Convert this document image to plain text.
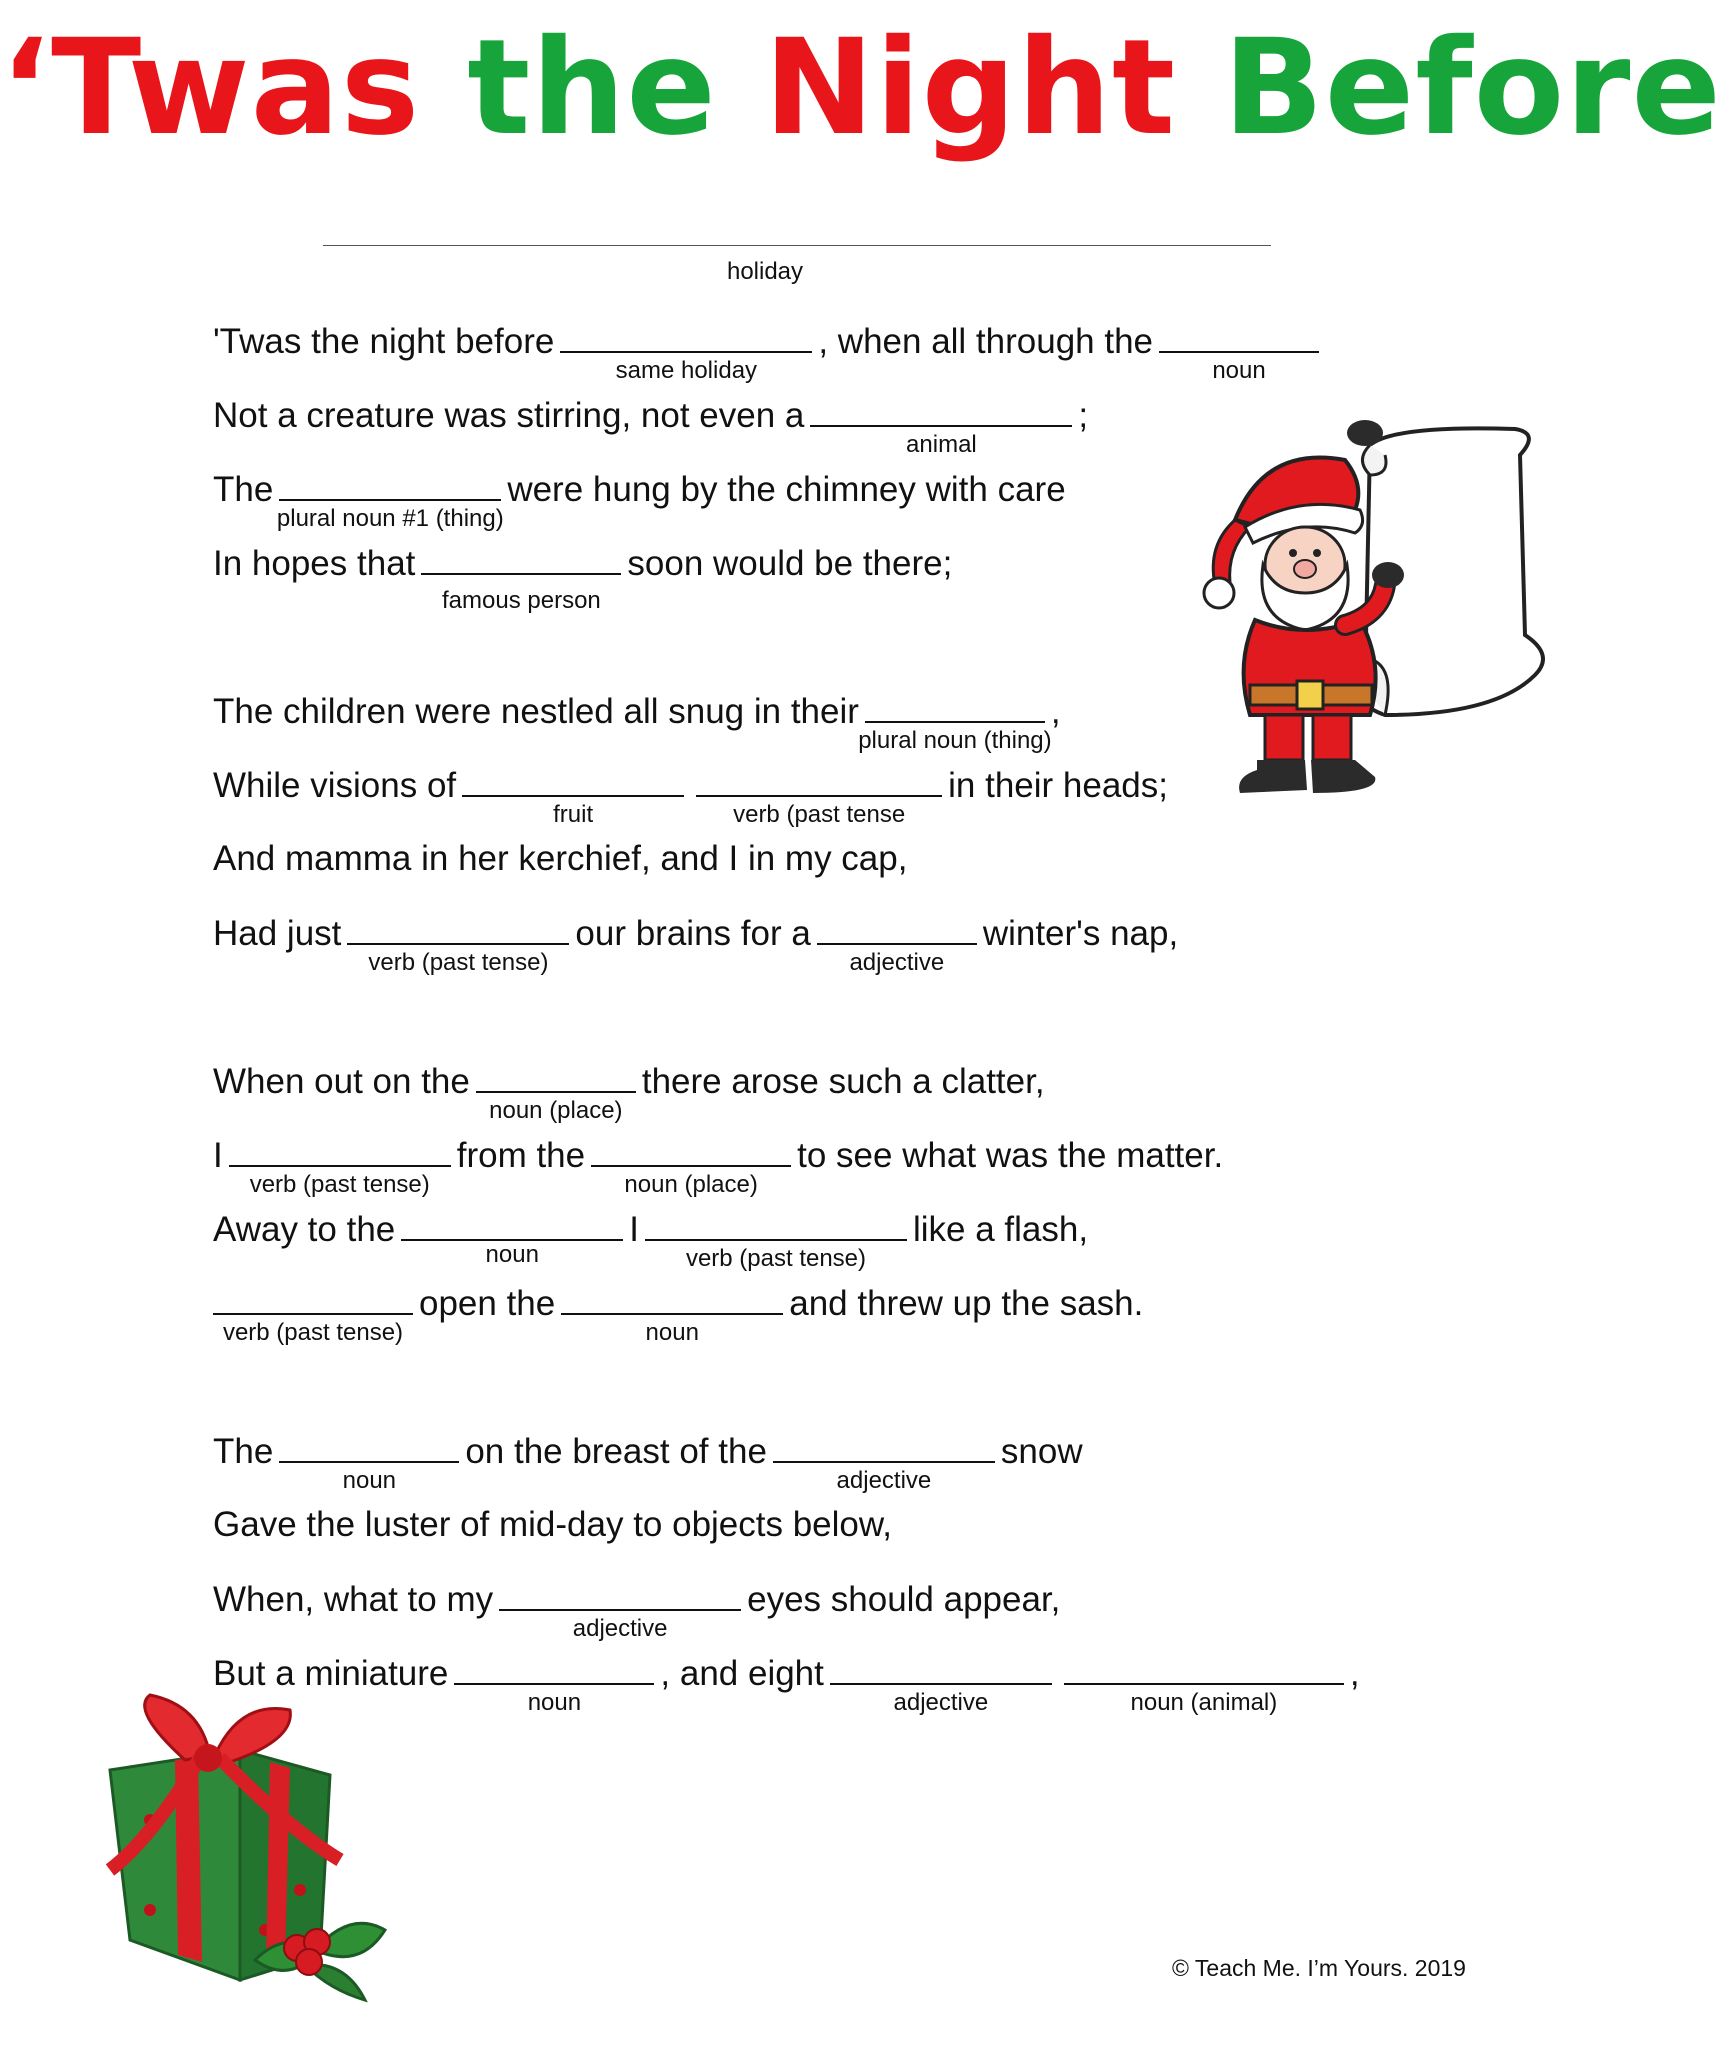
‘Twas the Night Before
holiday
'Twas the night before
same holiday
, when all through the
noun
Not a creature was stirring, not even a
animal
;
The
plural noun #1 (thing)
were hung by the chimney with care
In hopes that
famous person
soon would be there;
The children were nestled all snug in their
plural noun (thing)
,
While visions of
fruit	verb (past tense
in their heads;
And mamma in her kerchief, and I in my cap,
Had just
verb (past tense)
our brains for a
adjective
winter's nap,
When out on the
noun (place)
there arose such a clatter,
I
verb (past tense)
from the
noun (place)
to see what was the matter.
Away to the
noun
I
verb (past tense)
like a flash,
verb (past tense)
open the
noun
and threw up the sash.
The
noun
on the breast of the
adjective
snow
Gave the luster of mid-day to objects below,
When, what to my
adjective
eyes should appear,
But a miniature
noun
, and eight
adjective	noun (animal)
,
© Teach Me. I’m Yours. 2019
